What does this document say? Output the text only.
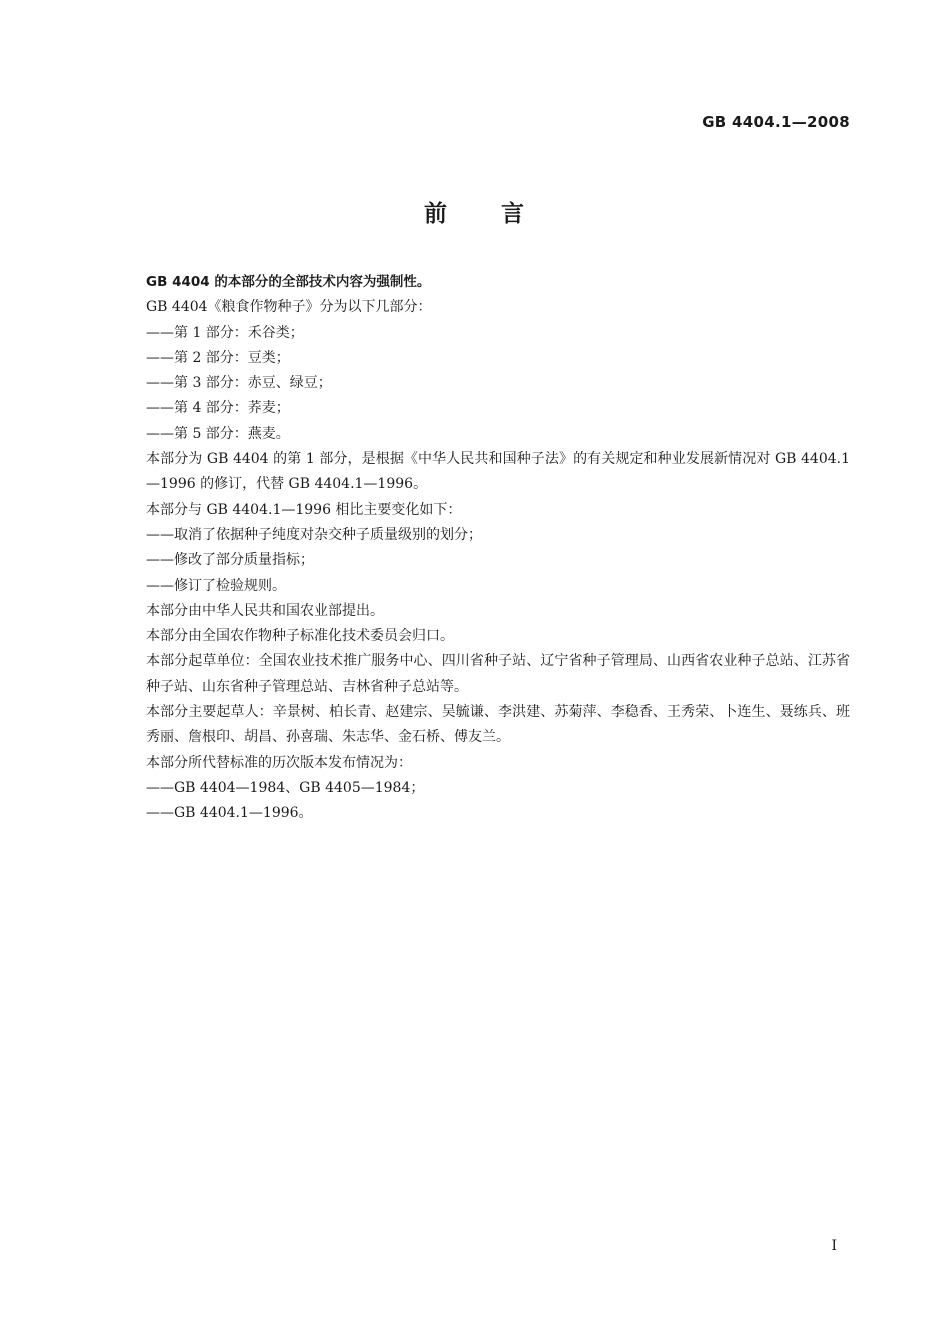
GB 4404.1—2008
前 言

GB 4404 的本部分的全部技术内容为强制性。

GB 4404《粮食作物种子》分为以下几部分：

——第 1 部分：禾谷类；

——第 2 部分：豆类；

——第 3 部分：赤豆、绿豆；

——第 4 部分：荞麦；

——第 5 部分：燕麦。

本部分为 GB 4404 的第 1 部分，是根据《中华人民共和国种子法》的有关规定和种业发展新情况对 GB 4404.1—1996 的修订，代替 GB 4404.1—1996。

本部分与 GB 4404.1—1996 相比主要变化如下：

——取消了依据种子纯度对杂交种子质量级别的划分；

——修改了部分质量指标；

——修订了检验规则。

本部分由中华人民共和国农业部提出。

本部分由全国农作物种子标准化技术委员会归口。

本部分起草单位：全国农业技术推广服务中心、四川省种子站、辽宁省种子管理局、山西省农业种子总站、江苏省种子站、山东省种子管理总站、吉林省种子总站等。

本部分主要起草人：辛景树、柏长青、赵建宗、吴毓谦、李洪建、苏菊萍、李稳香、王秀荣、卜连生、聂练兵、班秀丽、詹根印、胡昌、孙喜瑞、朱志华、金石桥、傅友兰。

本部分所代替标准的历次版本发布情况为：

——GB 4404—1984、GB 4405—1984；

——GB 4404.1—1996。

I
